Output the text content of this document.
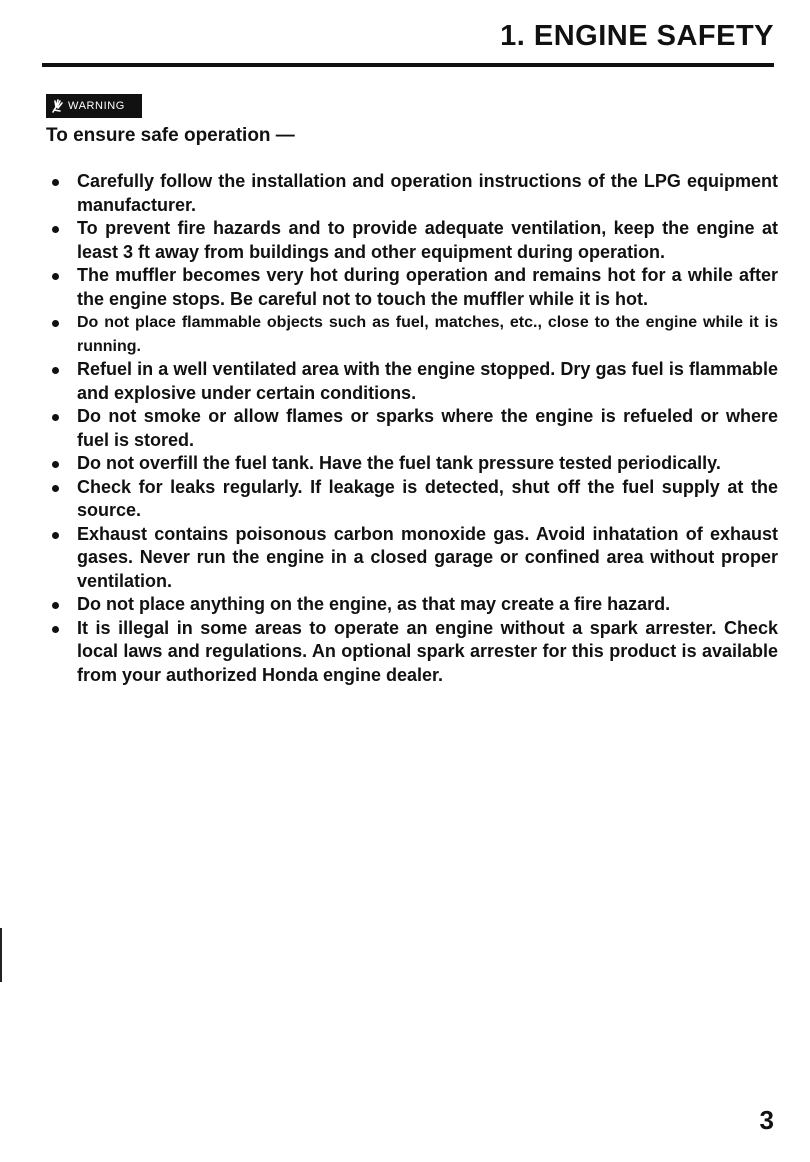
1. ENGINE SAFETY
WARNING
To ensure safe operation —
Carefully follow the installation and operation instructions of the LPG equipment manufacturer.
To prevent fire hazards and to provide adequate ventilation, keep the engine at least 3 ft away from buildings and other equipment during operation.
The muffler becomes very hot during operation and remains hot for a while after the engine stops. Be careful not to touch the muffler while it is hot.
Do not place flammable objects such as fuel, matches, etc., close to the engine while it is running.
Refuel in a well ventilated area with the engine stopped. Dry gas fuel is flammable and explosive under certain conditions.
Do not smoke or allow flames or sparks where the engine is refueled or where fuel is stored.
Do not overfill the fuel tank. Have the fuel tank pressure tested periodically.
Check for leaks regularly. If leakage is detected, shut off the fuel supply at the source.
Exhaust contains poisonous carbon monoxide gas. Avoid inhatation of exhaust gases. Never run the engine in a closed garage or confined area without proper ventilation.
Do not place anything on the engine, as that may create a fire hazard.
It is illegal in some areas to operate an engine without a spark arrester. Check local laws and regulations. An optional spark arrester for this product is available from your authorized Honda engine dealer.
3
